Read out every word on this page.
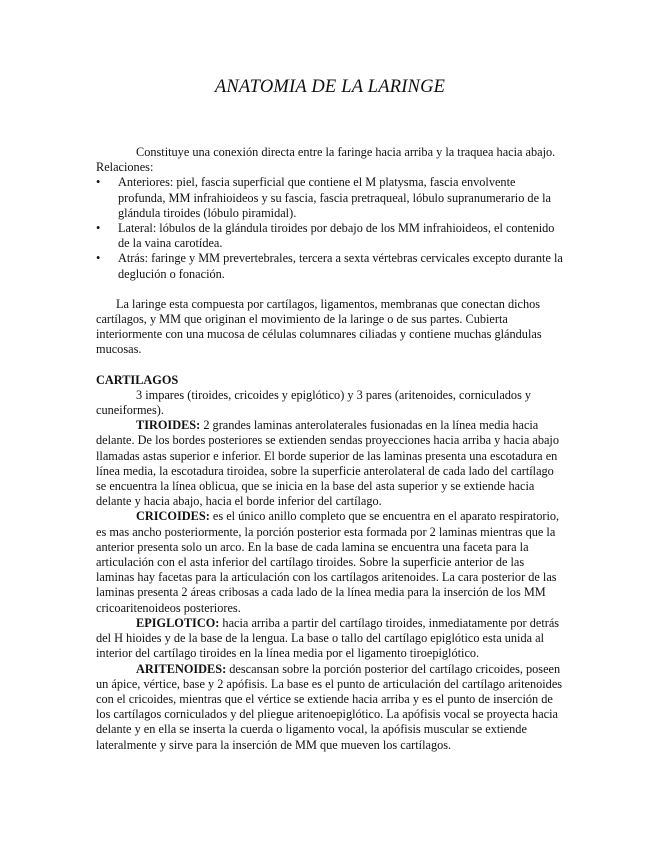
ANATOMIA DE LA LARINGE

Constituye una conexión directa entre la faringe hacia arriba y la traquea hacia abajo.

Relaciones:

• Anteriores: piel, fascia superficial que contiene el M platysma, fascia envolvente profunda, MM infrahioideos y su fascia, fascia pretraqueal, lóbulo supranumerario de la glándula tiroides (lóbulo piramidal).
• Lateral: lóbulos de la glándula tiroides por debajo de los MM infrahioideos, el contenido de la vaina carotídea.
• Atrás: faringe y MM prevertebrales, tercera a sexta vértebras cervicales excepto durante la deglución o fonación.

La laringe esta compuesta por cartílagos, ligamentos, membranas que conectan dichos cartílagos, y MM que originan el movimiento de la laringe o de sus partes. Cubierta interiormente con una mucosa de células columnares ciliadas y contiene muchas glándulas mucosas.

CARTILAGOS

3 impares (tiroides, cricoides y epiglótico) y 3 pares (aritenoides, corniculados y cuneiformes).

TIROIDES: 2 grandes laminas anterolaterales fusionadas en la línea media hacia delante. De los bordes posteriores se extienden sendas proyecciones hacia arriba y hacia abajo llamadas astas superior e inferior. El borde superior de las laminas presenta una escotadura en línea media, la escotadura tiroidea, sobre la superficie anterolateral de cada lado del cartílago se encuentra la línea oblicua, que se inicia en la base del asta superior y se extiende hacia delante y hacia abajo, hacia el borde inferior del cartílago.

CRICOIDES: es el único anillo completo que se encuentra en el aparato respiratorio, es mas ancho posteriormente, la porción posterior esta formada por 2 laminas mientras que la anterior presenta solo un arco. En la base de cada lamina se encuentra una faceta para la articulación con el asta inferior del cartílago tiroides. Sobre la superficie anterior de las laminas hay facetas para la articulación con los cartílagos aritenoides. La cara posterior de las laminas presenta 2 áreas cribosas a cada lado de la línea media para la inserción de los MM cricoaritenoideos posteriores.

EPIGLOTICO: hacia arriba a partir del cartílago tiroides, inmediatamente por detrás del H hioides y de la base de la lengua. La base o tallo del cartílago epiglótico esta unida al interior del cartílago tiroides en la línea media por el ligamento tiroepiglótico.

ARITENOIDES: descansan sobre la porción posterior del cartílago cricoides, poseen un ápice, vértice, base y 2 apófisis. La base es el punto de articulación del cartílago aritenoides con el cricoides, mientras que el vértice se extiende hacia arriba y es el punto de inserción de los cartílagos corniculados y del pliegue aritenoepiglótico. La apófisis vocal se proyecta hacia delante y en ella se inserta la cuerda o ligamento vocal, la apófisis muscular se extiende lateralmente y sirve para la inserción de MM que mueven los cartílagos.
